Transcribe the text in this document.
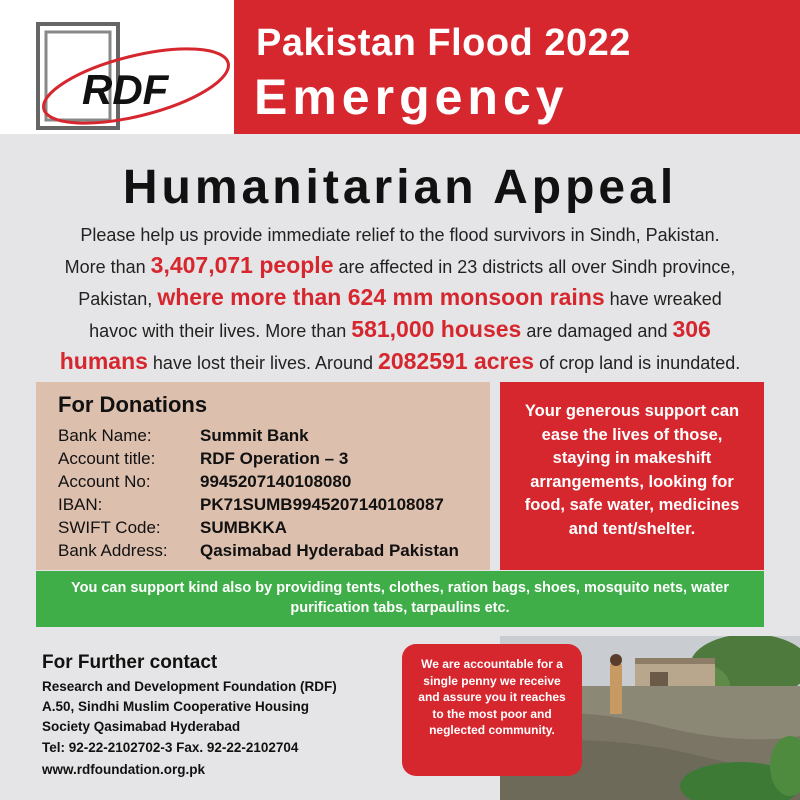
RDF
Pakistan Flood 2022
Emergency
Humanitarian Appeal
Please help us provide immediate relief to the flood survivors in Sindh, Pakistan.
More than 3,407,071 people are affected in 23 districts all over Sindh province,
Pakistan, where more than 624 mm monsoon rains have wreaked
havoc with their lives. More than 581,000 houses are damaged and 306
humans have lost their lives. Around 2082591 acres of crop land is inundated.
For Donations
Bank Name:	Summit Bank
Account title:	RDF Operation – 3
Account No:	9945207140108080
IBAN:	PK71SUMB9945207140108087
SWIFT Code: SUMBKKA
Bank Address: Qasimabad Hyderabad Pakistan
Your generous support can
ease the lives of those,
staying in makeshift
arrangements, looking for
food, safe water, medicines
and tent/shelter.
You can support kind also by providing tents, clothes, ration bags, shoes, mosquito nets, water
purification tabs, tarpaulins etc.
For Further contact
Research and Development Foundation (RDF)
A.50, Sindhi Muslim Cooperative Housing
Society Qasimabad Hyderabad
Tel: 92-22-2102702-3 Fax. 92-22-2102704
www.rdfoundation.org.pk
We are accountable for a
single penny we receive
and assure you it reaches
to the most poor and
neglected community.
